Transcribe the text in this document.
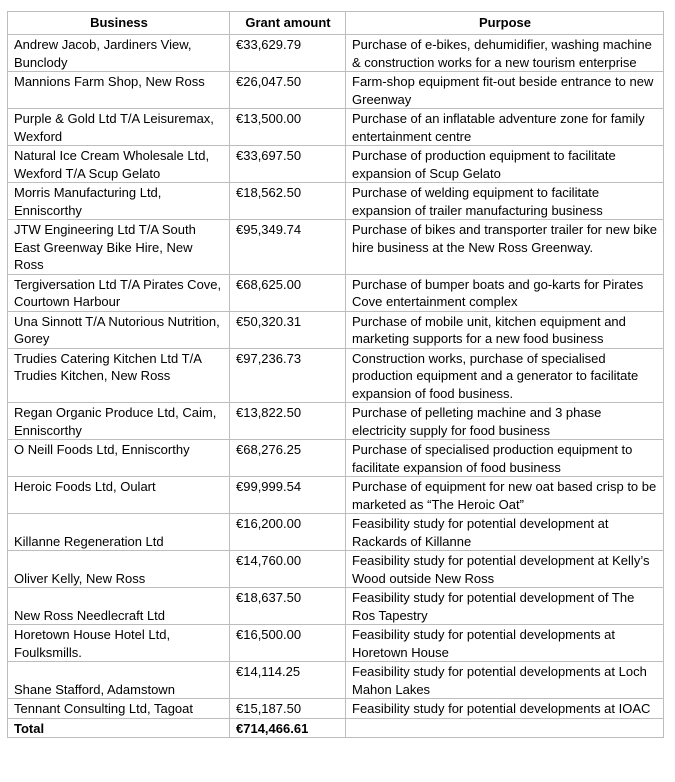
Business	Grant amount	Purpose
Andrew Jacob, Jardiners View, Bunclody	€33,629.79	Purchase of e-bikes, dehumidifier, washing machine & construction works for a new tourism enterprise
Mannions Farm Shop, New Ross	€26,047.50	Farm-shop equipment fit-out beside entrance to new Greenway
Purple & Gold Ltd T/A Leisuremax, Wexford	€13,500.00	Purchase of an inflatable adventure zone for family entertainment centre
Natural Ice Cream Wholesale Ltd, Wexford T/A Scup Gelato	€33,697.50	Purchase of production equipment to facilitate expansion of Scup Gelato
Morris Manufacturing Ltd, Enniscorthy	€18,562.50	Purchase of welding equipment to facilitate expansion of trailer manufacturing business
JTW Engineering Ltd T/A South East Greenway Bike Hire, New Ross	€95,349.74	Purchase of bikes and transporter trailer for new bike hire business at the New Ross Greenway.
Tergiversation Ltd T/A Pirates Cove, Courtown Harbour	€68,625.00	Purchase of bumper boats and go-karts for Pirates Cove entertainment complex
Una Sinnott T/A Nutorious Nutrition, Gorey	€50,320.31	Purchase of mobile unit, kitchen equipment and marketing supports for a new food business
Trudies Catering Kitchen Ltd T/A Trudies Kitchen, New Ross	€97,236.73	Construction works, purchase of specialised production equipment and a generator to facilitate expansion of food business.
Regan Organic Produce Ltd, Caim, Enniscorthy	€13,822.50	Purchase of pelleting machine and 3 phase electricity supply for food business
O Neill Foods Ltd, Enniscorthy	€68,276.25	Purchase of specialised production equipment to facilitate expansion of food business
Heroic Foods Ltd, Oulart	€99,999.54	Purchase of equipment for new oat based crisp to be marketed as “The Heroic Oat”
Killanne Regeneration Ltd	€16,200.00	Feasibility study for potential development at Rackards of Killanne
Oliver Kelly, New Ross	€14,760.00	Feasibility study for potential development at Kelly’s Wood outside New Ross
New Ross Needlecraft Ltd	€18,637.50	Feasibility study for potential development of The Ros Tapestry
Horetown House Hotel Ltd, Foulksmills.	€16,500.00	Feasibility study for potential developments at Horetown House
Shane Stafford, Adamstown	€14,114.25	Feasibility study for potential developments at Loch Mahon Lakes
Tennant Consulting Ltd, Tagoat	€15,187.50	Feasibility study for potential developments at IOAC
Total	€714,466.61	
